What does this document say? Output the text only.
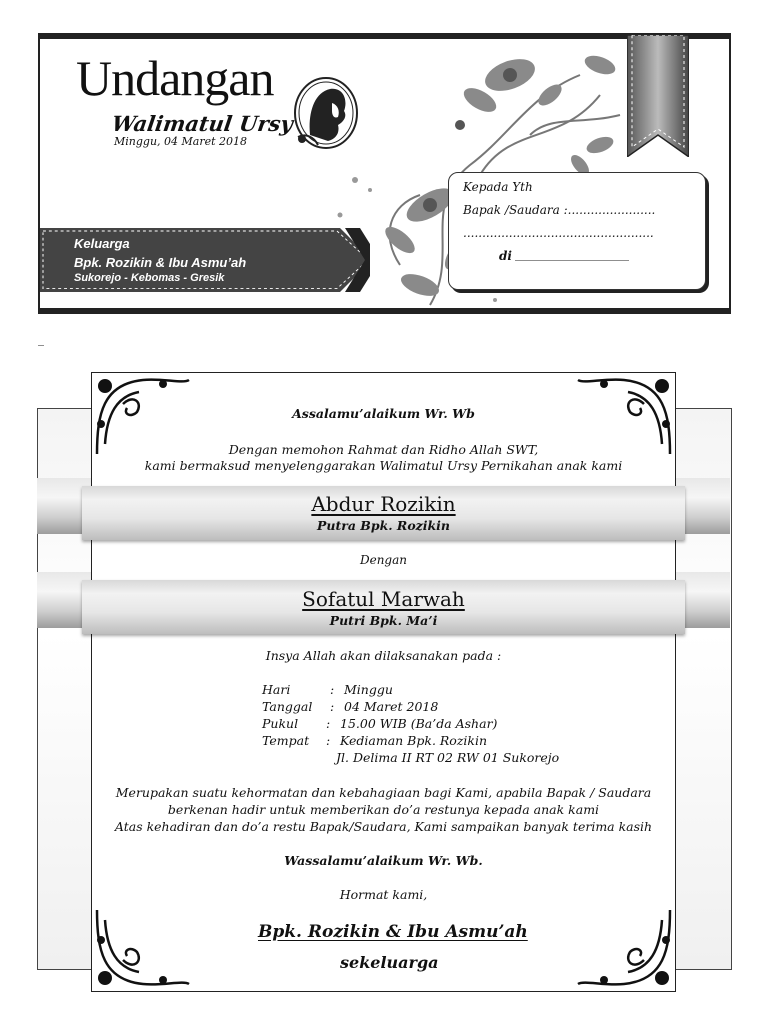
Undangan
Walimatul Ursy
Minggu, 04 Maret 2018
Keluarga
Bpk. Rozikin & Ibu Asmu’ah
Sukorejo - Kebomas - Gresik
Kepada Yth
Bapak /Saudara :.......................
..................................................
di ___________________
_
Assalamu’alaikum Wr. Wb
Dengan memohon Rahmat dan Ridho Allah SWT,
kami bermaksud menyelenggarakan Walimatul Ursy Pernikahan anak kami
Abdur Rozikin
Putra Bpk. Rozikin
Dengan
Sofatul Marwah
Putri Bpk. Ma’i
Insya Allah akan dilaksanakan pada :
Hari	: Minggu
Tanggal : 04 Maret 2018
Pukul : 15.00 WIB (Ba’da Ashar)
Tempat : Kediaman Bpk. Rozikin
Jl. Delima II RT 02 RW 01 Sukorejo
Merupakan suatu kehormatan dan kebahagiaan bagi Kami, apabila Bapak / Saudara
berkenan hadir untuk memberikan do’a restunya kepada anak kami
Atas kehadiran dan do’a restu Bapak/Saudara, Kami sampaikan banyak terima kasih
Wassalamu’alaikum Wr. Wb.
Hormat kami,
Bpk. Rozikin & Ibu Asmu’ah
sekeluarga
